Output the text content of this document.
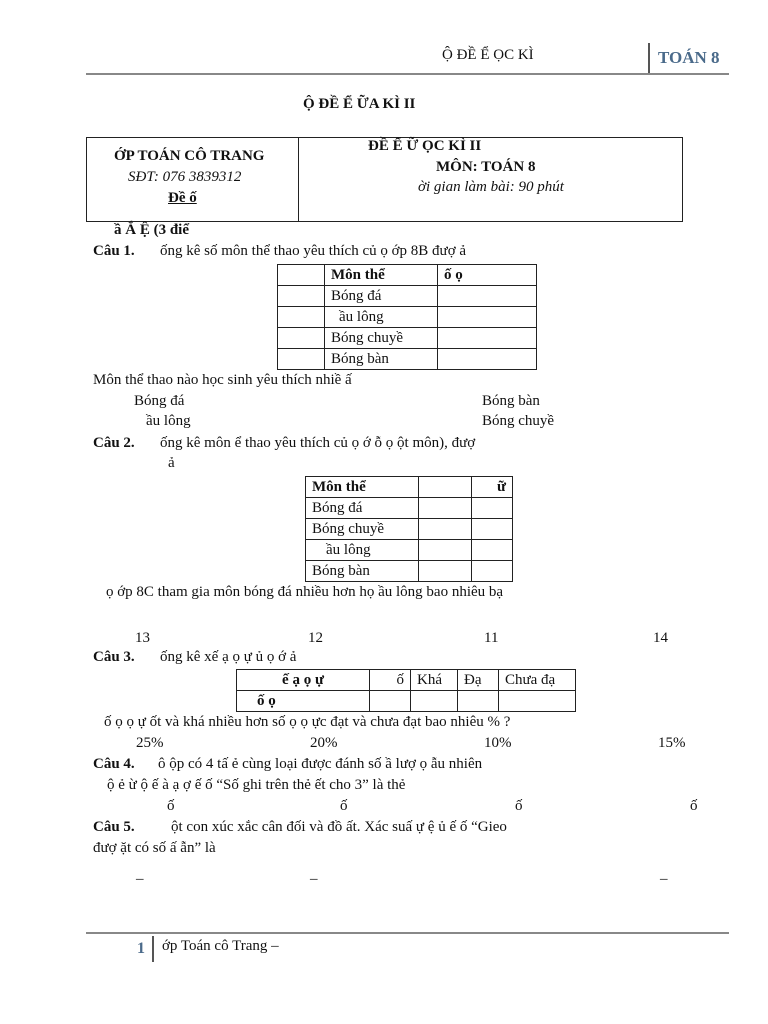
Ộ ĐỀ Ể ỌC KÌ	TOÁN 8
Ộ ĐỀ Ể ỮA KÌ II
ỚP TOÁN CÔ TRANG
SĐT: 076 3839312
Đề ố
ĐỀ Ể Ữ ỌC KÌ II
MÔN: TOÁN 8
ời gian làm bài: 90 phút
ầ Ắ Ệ (3 điể
Câu 1. ống kê số môn thể thao yêu thích củ ọ ớp 8B đượ ả
	Môn thể	ố ọ
	Bóng đá	
	ầu lông	
	Bóng chuyề	
	Bóng bàn	
Môn thể thao nào học sinh yêu thích nhiề ấ
Bóng đá	Bóng bàn
ầu lông	Bóng chuyề
Câu 2. ống kê môn ể thao yêu thích củ ọ ớ ỗ ọ ột môn), đượ
ả
Môn thể		ữ
Bóng đá		
Bóng chuyề		
ầu lông		
Bóng bàn		
ọ ớp 8C tham gia môn bóng đá nhiều hơn họ ầu lông bao nhiêu bạ
13	12	11	14
Câu 3. ống kê xế ạ ọ ự ủ ọ ớ ả
ế ạ ọ ự	ố	Khá	Đạ	Chưa đạ
ố ọ				
ố ọ ọ ự ốt và khá nhiều hơn số ọ ọ ực đạt và chưa đạt bao nhiêu % ?
25%	20%	10%	15%
Câu 4. ô ộp có 4 tấ ẻ cùng loại được đánh số ầ lượ ọ ẫu nhiên
ộ ẻ ừ ộ ế à ạ ợ ế ố “Số ghi trên thẻ ết cho 3” là thẻ
ố	ố	ố	ố
Câu 5. ột con xúc xắc cân đối và đồ ất. Xác suấ ự ệ ủ ế ố “Gieo
đượ ặt có số ấ ẫn” là
–	–	–
1 ớp Toán cô Trang –
